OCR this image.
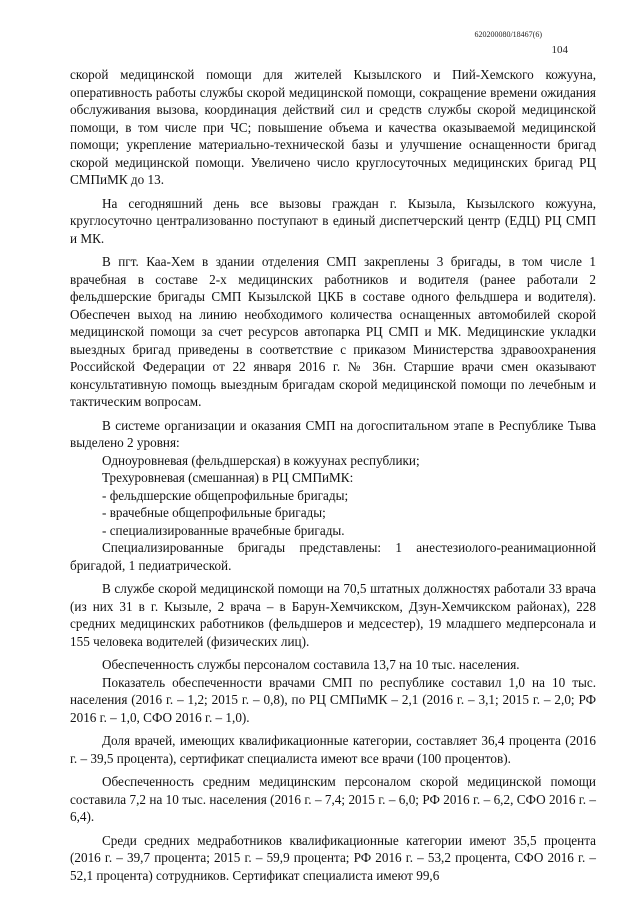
620200080/18467(6)
104

скорой медицинской помощи для жителей Кызылского и Пий-Хемского кожууна, оперативность работы службы скорой медицинской помощи, сокращение времени ожидания обслуживания вызова, координация действий сил и средств службы скорой медицинской помощи, в том числе при ЧС; повышение объема и качества оказываемой медицинской помощи; укрепление материально-технической базы и улучшение оснащенности бригад скорой медицинской помощи. Увеличено число круглосуточных медицинских бригад РЦ СМПиМК до 13.

На сегодняшний день все вызовы граждан г. Кызыла, Кызылского кожууна, круглосуточно централизованно поступают в единый диспетчерский центр (ЕДЦ) РЦ СМП и МК.

В пгт. Каа-Хем в здании отделения СМП закреплены 3 бригады, в том числе 1 врачебная в составе 2-х медицинских работников и водителя (ранее работали 2 фельдшерские бригады СМП Кызылской ЦКБ в составе одного фельдшера и водителя). Обеспечен выход на линию необходимого количества оснащенных автомобилей скорой медицинской помощи за счет ресурсов автопарка РЦ СМП и МК. Медицинские укладки выездных бригад приведены в соответствие с приказом Министерства здравоохранения Российской Федерации от 22 января 2016 г. № 36н. Старшие врачи смен оказывают консультативную помощь выездным бригадам скорой медицинской помощи по лечебным и тактическим вопросам.

В системе организации и оказания СМП на догоспитальном этапе в Республике Тыва выделено 2 уровня:

Одноуровневая (фельдшерская) в кожуунах республики;

Трехуровневая (смешанная) в РЦ СМПиМК:

- фельдшерские общепрофильные бригады;

- врачебные общепрофильные бригады;

- специализированные врачебные бригады.

Специализированные бригады представлены: 1 анестезиолого-реанимационной бригадой, 1 педиатрической.

В службе скорой медицинской помощи на 70,5 штатных должностях работали 33 врача (из них 31 в г. Кызыле, 2 врача – в Барун-Хемчикском, Дзун-Хемчикском районах), 228 средних медицинских работников (фельдшеров и медсестер), 19 младшего медперсонала и 155 человека водителей (физических лиц).

Обеспеченность службы персоналом составила 13,7 на 10 тыс. населения.

Показатель обеспеченности врачами СМП по республике составил 1,0 на 10 тыс. населения (2016 г. – 1,2; 2015 г. – 0,8), по РЦ СМПиМК – 2,1 (2016 г. – 3,1; 2015 г. – 2,0; РФ 2016 г. – 1,0, СФО 2016 г. – 1,0).

Доля врачей, имеющих квалификационные категории, составляет 36,4 процента (2016 г. – 39,5 процента), сертификат специалиста имеют все врачи (100 процентов).

Обеспеченность средним медицинским персоналом скорой медицинской помощи составила 7,2 на 10 тыс. населения (2016 г. – 7,4; 2015 г. – 6,0; РФ 2016 г. – 6,2, СФО 2016 г. – 6,4).

Среди средних медработников квалификационные категории имеют 35,5 процента (2016 г. – 39,7 процента; 2015 г. – 59,9 процента; РФ 2016 г. – 53,2 процента, СФО 2016 г. – 52,1 процента) сотрудников. Сертификат специалиста имеют 99,6
